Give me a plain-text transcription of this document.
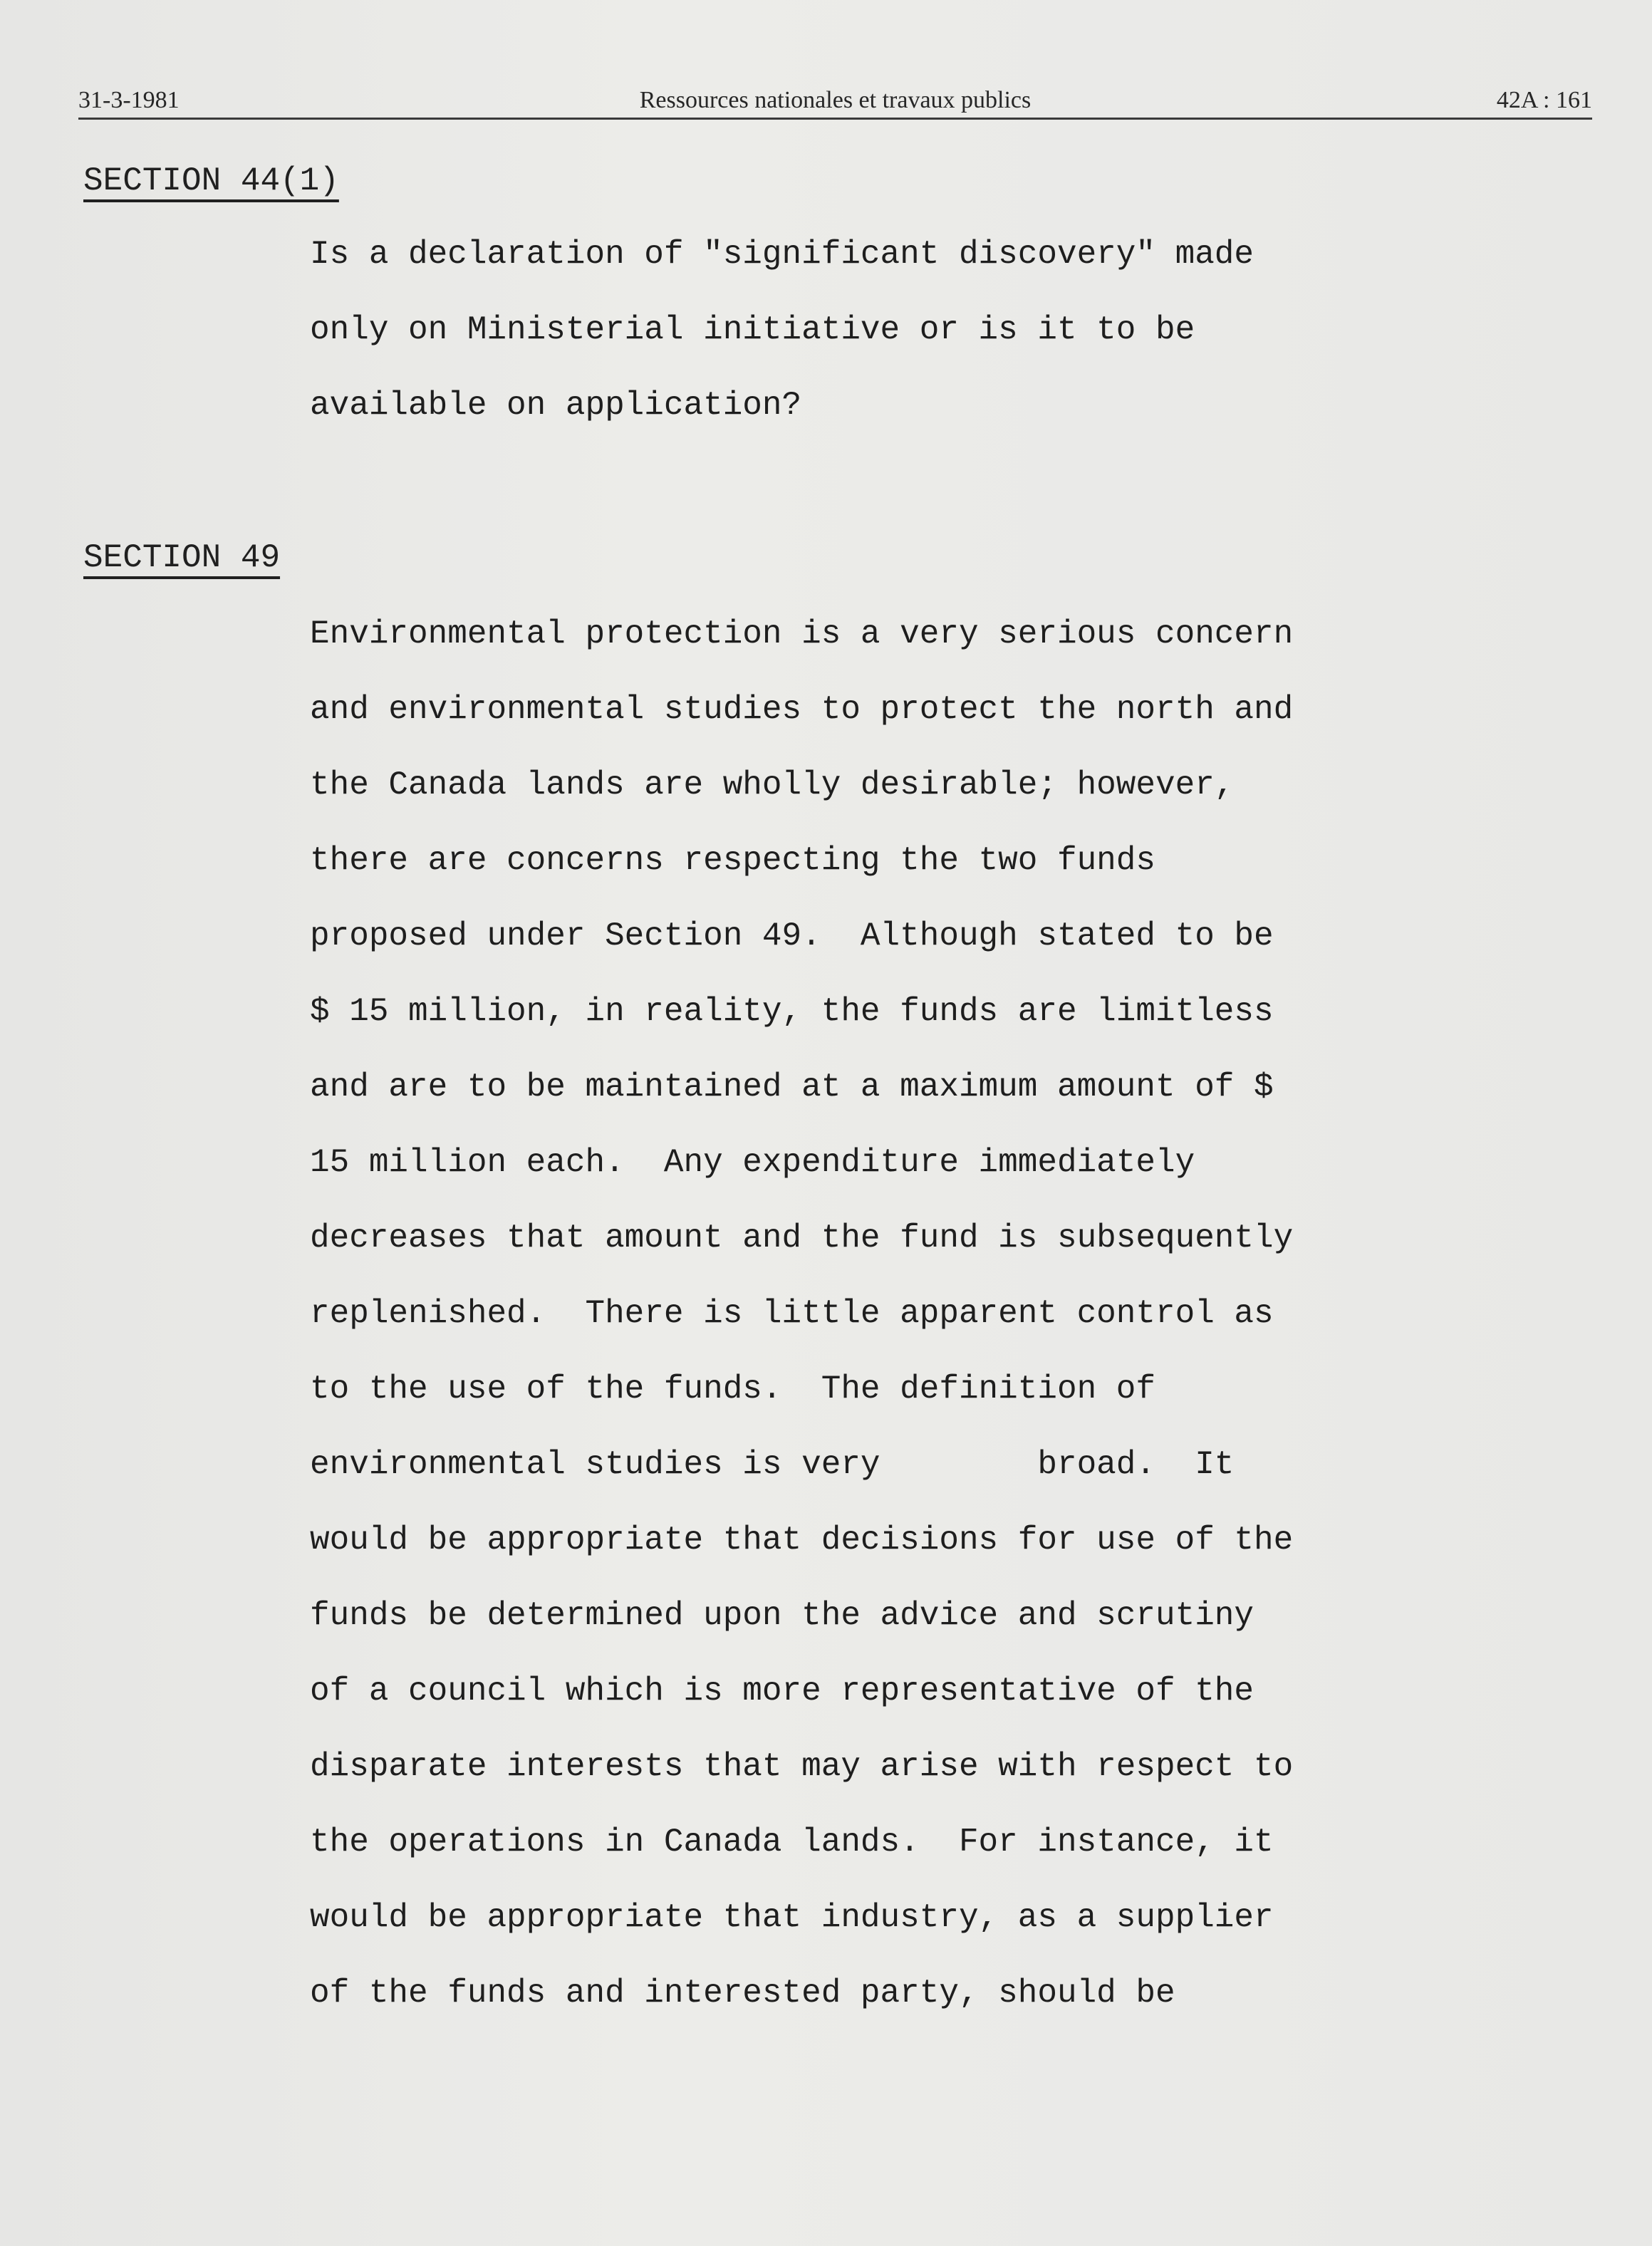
31-3-1981	Ressources nationales et travaux publics	42A : 161
SECTION 44(1)
Is a declaration of "significant discovery" made
only on Ministerial initiative or is it to be
available on application?
SECTION 49
Environmental protection is a very serious concern
and environmental studies to protect the north and
the Canada lands are wholly desirable; however,
there are concerns respecting the two funds
proposed under Section 49.  Although stated to be
$ 15 million, in reality, the funds are limitless
and are to be maintained at a maximum amount of $
15 million each.  Any expenditure immediately
decreases that amount and the fund is subsequently
replenished.  There is little apparent control as
to the use of the funds.  The definition of
environmental studies is very        broad.  It
would be appropriate that decisions for use of the
funds be determined upon the advice and scrutiny
of a council which is more representative of the
disparate interests that may arise with respect to
the operations in Canada lands.  For instance, it
would be appropriate that industry, as a supplier
of the funds and interested party, should be
